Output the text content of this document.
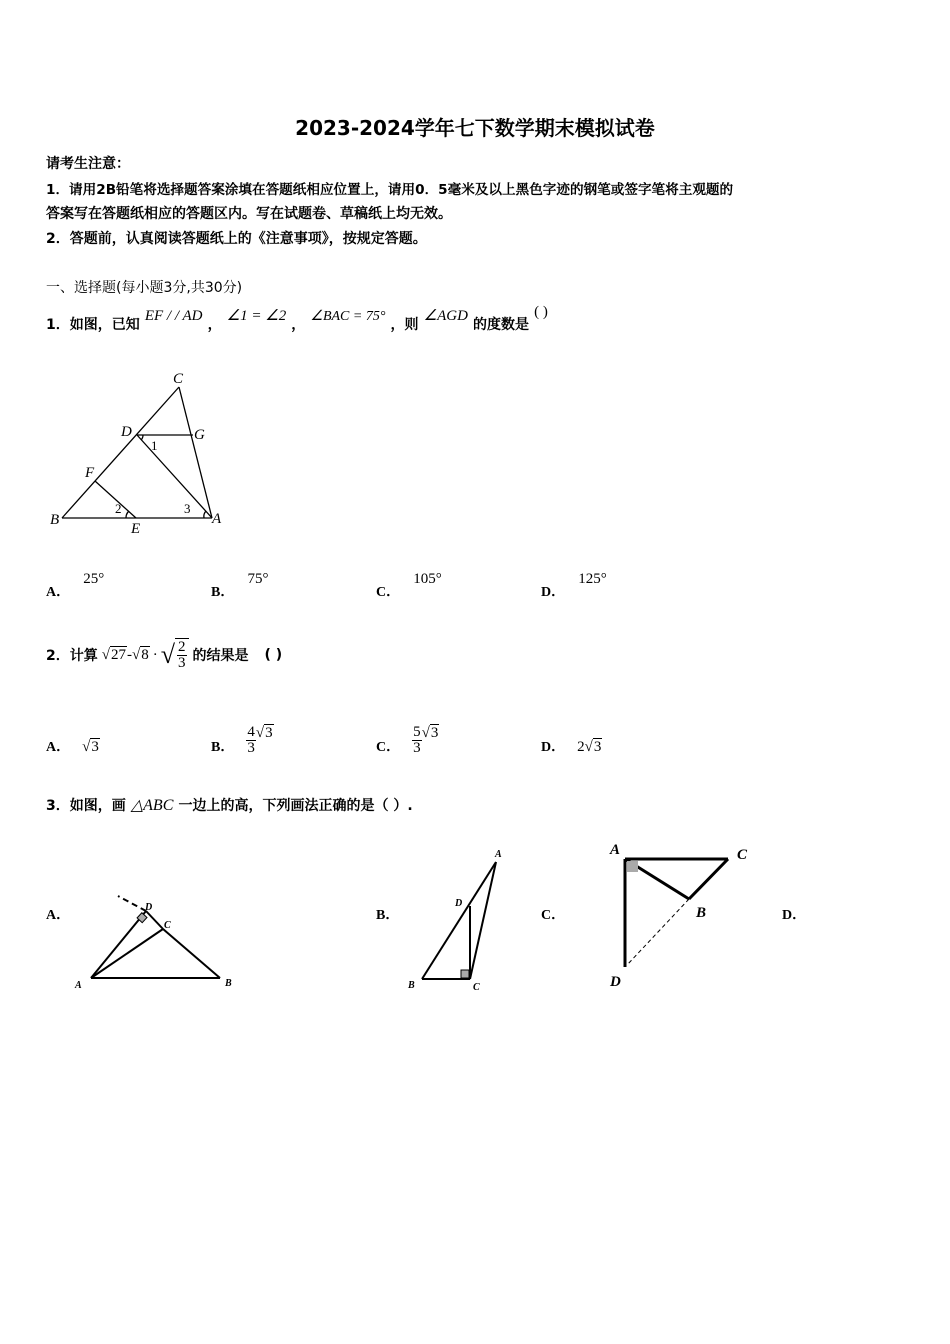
2023-2024学年七下数学期末模拟试卷
请考生注意：
1．请用2B铅笔将选择题答案涂填在答题纸相应位置上，请用0．5毫米及以上黑色字迹的钢笔或签字笔将主观题的
答案写在答题纸相应的答题区内。写在试题卷、草稿纸上均无效。
2．答题前，认真阅读答题纸上的《注意事项》，按规定答题。
一、选择题(每小题3分,共30分)
1．如图，已知 EF / / AD ， ∠1 = ∠2 ， ∠BAC = 75° ，则 ∠AGD 的度数是 ( )
A
B
C
D
E
F
G
1
2	3
A． 25°
B． 75°
C． 105°
D． 125°
2．计算 √27 - √8 · √ $\frac{2}{3}$ 的结果是 ( )
A． √3	B． $\frac{4}{3} √3$
C． $\frac{5}{3} √3$
D． 2 √3
3．如图，画 △ABC 一边上的高，下列画法正确的是（ ）.
A．	B．	C．	D．
A	B
C
D
A
B	C
D
A
B
C
D
